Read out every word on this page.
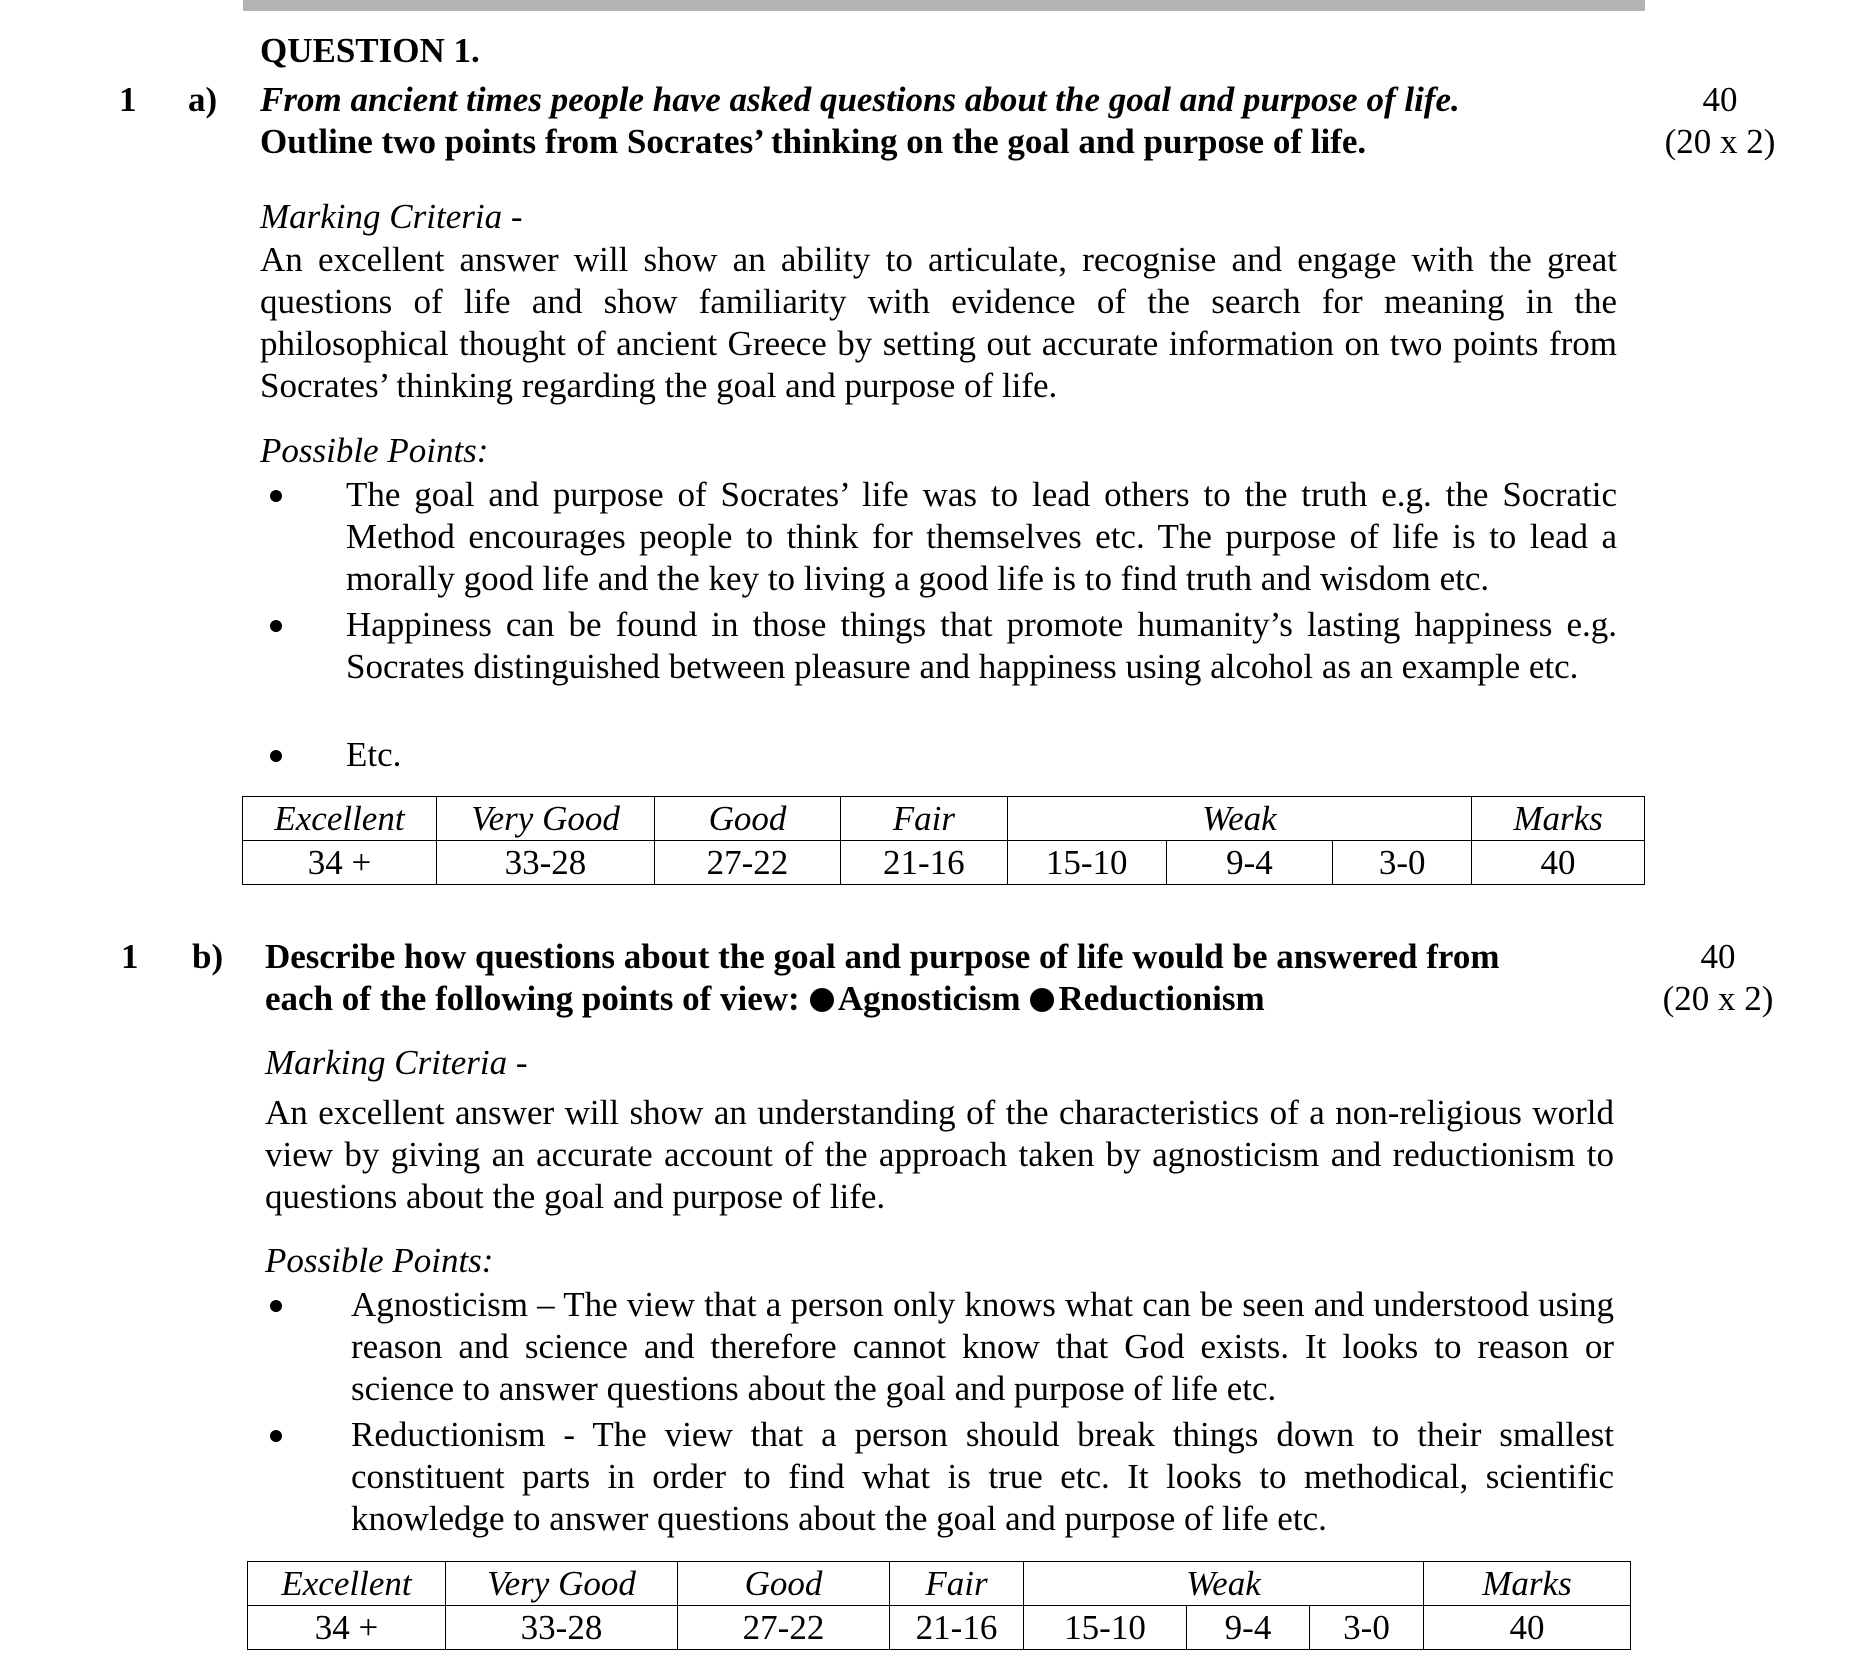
QUESTION 1.
1 a) From ancient times people have asked questions about the goal and purpose of life.
Outline two points from Socrates’ thinking on the goal and purpose of life.
40
(20 x 2)
Marking Criteria -
An excellent answer will show an ability to articulate, recognise and engage with the great questions of life and show familiarity with evidence of the search for meaning in the philosophical thought of ancient Greece by setting out accurate information on two points from Socrates’ thinking regarding the goal and purpose of life.
Possible Points:
The goal and purpose of Socrates’ life was to lead others to the truth e.g. the Socratic Method encourages people to think for themselves etc. The purpose of life is to lead a morally good life and the key to living a good life is to find truth and wisdom etc.
Happiness can be found in those things that promote humanity’s lasting happiness e.g. Socrates distinguished between pleasure and happiness using alcohol as an example etc.
Etc.
Excellent	Very Good	Good	Fair	Weak			Marks
34 +	33-28	27-22	21-16	15-10	9-4	3-0	40
1 b) Describe how questions about the goal and purpose of life would be answered from
each of the following points of view: Agnosticism Reductionism
40
(20 x 2)
Marking Criteria -
An excellent answer will show an understanding of the characteristics of a non-religious world view by giving an accurate account of the approach taken by agnosticism and reductionism to questions about the goal and purpose of life.
Possible Points:
Agnosticism – The view that a person only knows what can be seen and understood using reason and science and therefore cannot know that God exists. It looks to reason or science to answer questions about the goal and purpose of life etc.
Reductionism - The view that a person should break things down to their smallest constituent parts in order to find what is true etc. It looks to methodical, scientific knowledge to answer questions about the goal and purpose of life etc.
Excellent	Very Good	Good	Fair	Weak			Marks
34 +	33-28	27-22	21-16	15-10	9-4	3-0	40
